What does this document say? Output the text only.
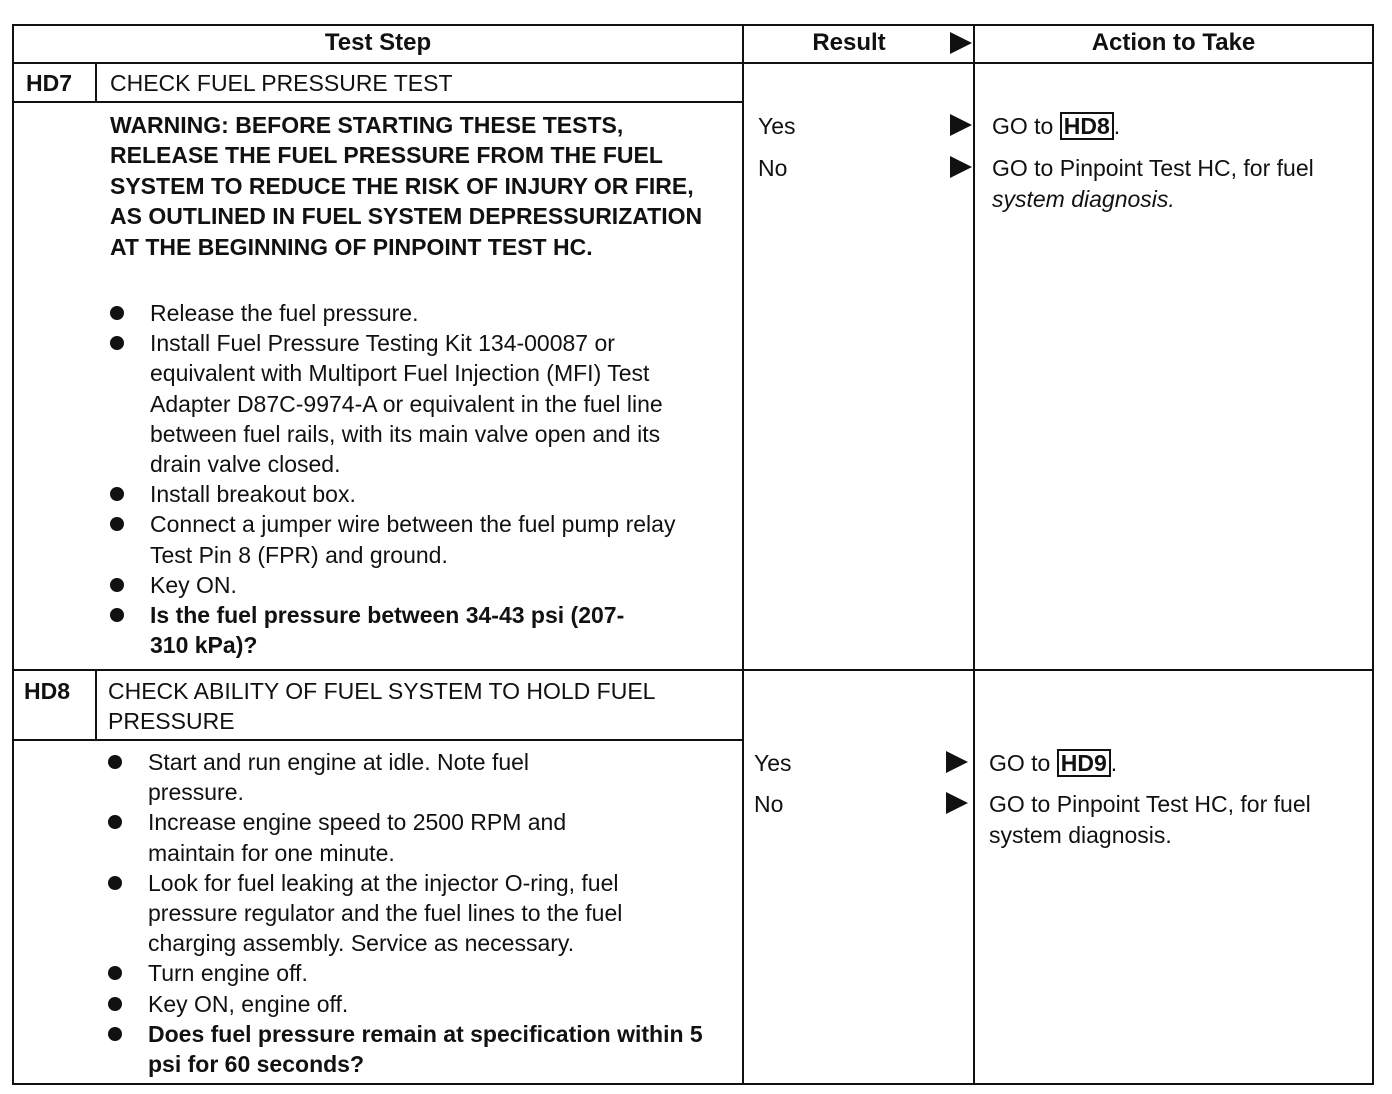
Test Step	Result	Action to Take
HD7 CHECK FUEL PRESSURE TEST
WARNING: BEFORE STARTING THESE TESTS, RELEASE THE FUEL PRESSURE FROM THE FUEL SYSTEM TO REDUCE THE RISK OF INJURY OR FIRE, AS OUTLINED IN FUEL SYSTEM DEPRESSURIZATION AT THE BEGINNING OF PINPOINT TEST HC.
Release the fuel pressure.
Install Fuel Pressure Testing Kit 134-00087 or equivalent with Multiport Fuel Injection (MFI) Test Adapter D87C-9974-A or equivalent in the fuel line between fuel rails, with its main valve open and its drain valve closed.
Install breakout box.
Connect a jumper wire between the fuel pump relay Test Pin 8 (FPR) and ground.
Key ON.
Is the fuel pressure between 34-43 psi (207-310 kPa)?
Yes
No
GO to HD8 .
GO to Pinpoint Test HC, for fuel
system diagnosis.
HD8 CHECK ABILITY OF FUEL SYSTEM TO HOLD FUEL PRESSURE
Start and run engine at idle. Note fuel pressure.
Increase engine speed to 2500 RPM and maintain for one minute.
Look for fuel leaking at the injector O-ring, fuel pressure regulator and the fuel lines to the fuel charging assembly. Service as necessary.
Turn engine off.
Key ON, engine off.
Does fuel pressure remain at specification within 5 psi for 60 seconds?
Yes
No
GO to HD9 .
GO to Pinpoint Test HC, for fuel system diagnosis.
